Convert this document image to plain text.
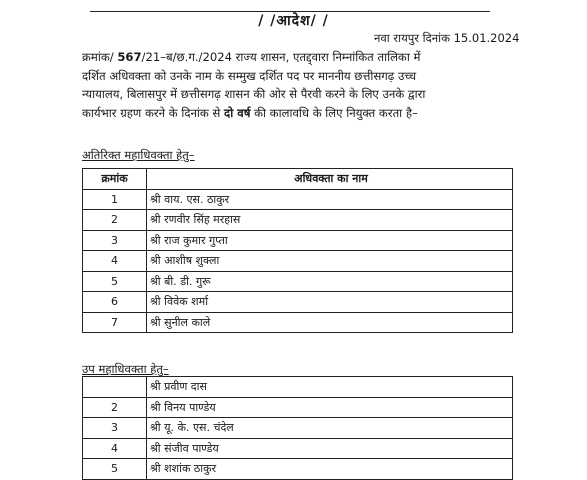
/ /आदेश/ /
नवा रायपुर दिनांक 15.01.2024
क्रमांक/ 567/21–ब/छ.ग./2024 राज्य शासन, एतद्द्वारा निम्नांकित तालिका में
दर्शित अधिवक्ता को उनके नाम के सम्मुख दर्शित पद पर माननीय छत्तीसगढ़ उच्च
न्यायालय, बिलासपुर में छत्तीसगढ़ शासन की ओर से पैरवी करने के लिए उनके द्वारा
कार्यभार ग्रहण करने के दिनांक से दो वर्ष की कालावधि के लिए नियुक्त करता है–
अतिरिक्त महाधिवक्ता हेतु–
क्रमांक	अधिवक्ता का नाम
1	श्री वाय. एस. ठाकुर
2	श्री रणवीर सिंह मरहास
3	श्री राज कुमार गुप्ता
4	श्री आशीष शुक्ला
5	श्री बी. डी. गुरू
6	श्री विवेक शर्मा
7	श्री सुनील काले
उप महाधिवक्ता हेतु–
	श्री प्रवीण दास
2	श्री विनय पाण्डेय
3	श्री यू. के. एस. चंदेल
4	श्री संजीव पाण्डेय
5	श्री शशांक ठाकुर
